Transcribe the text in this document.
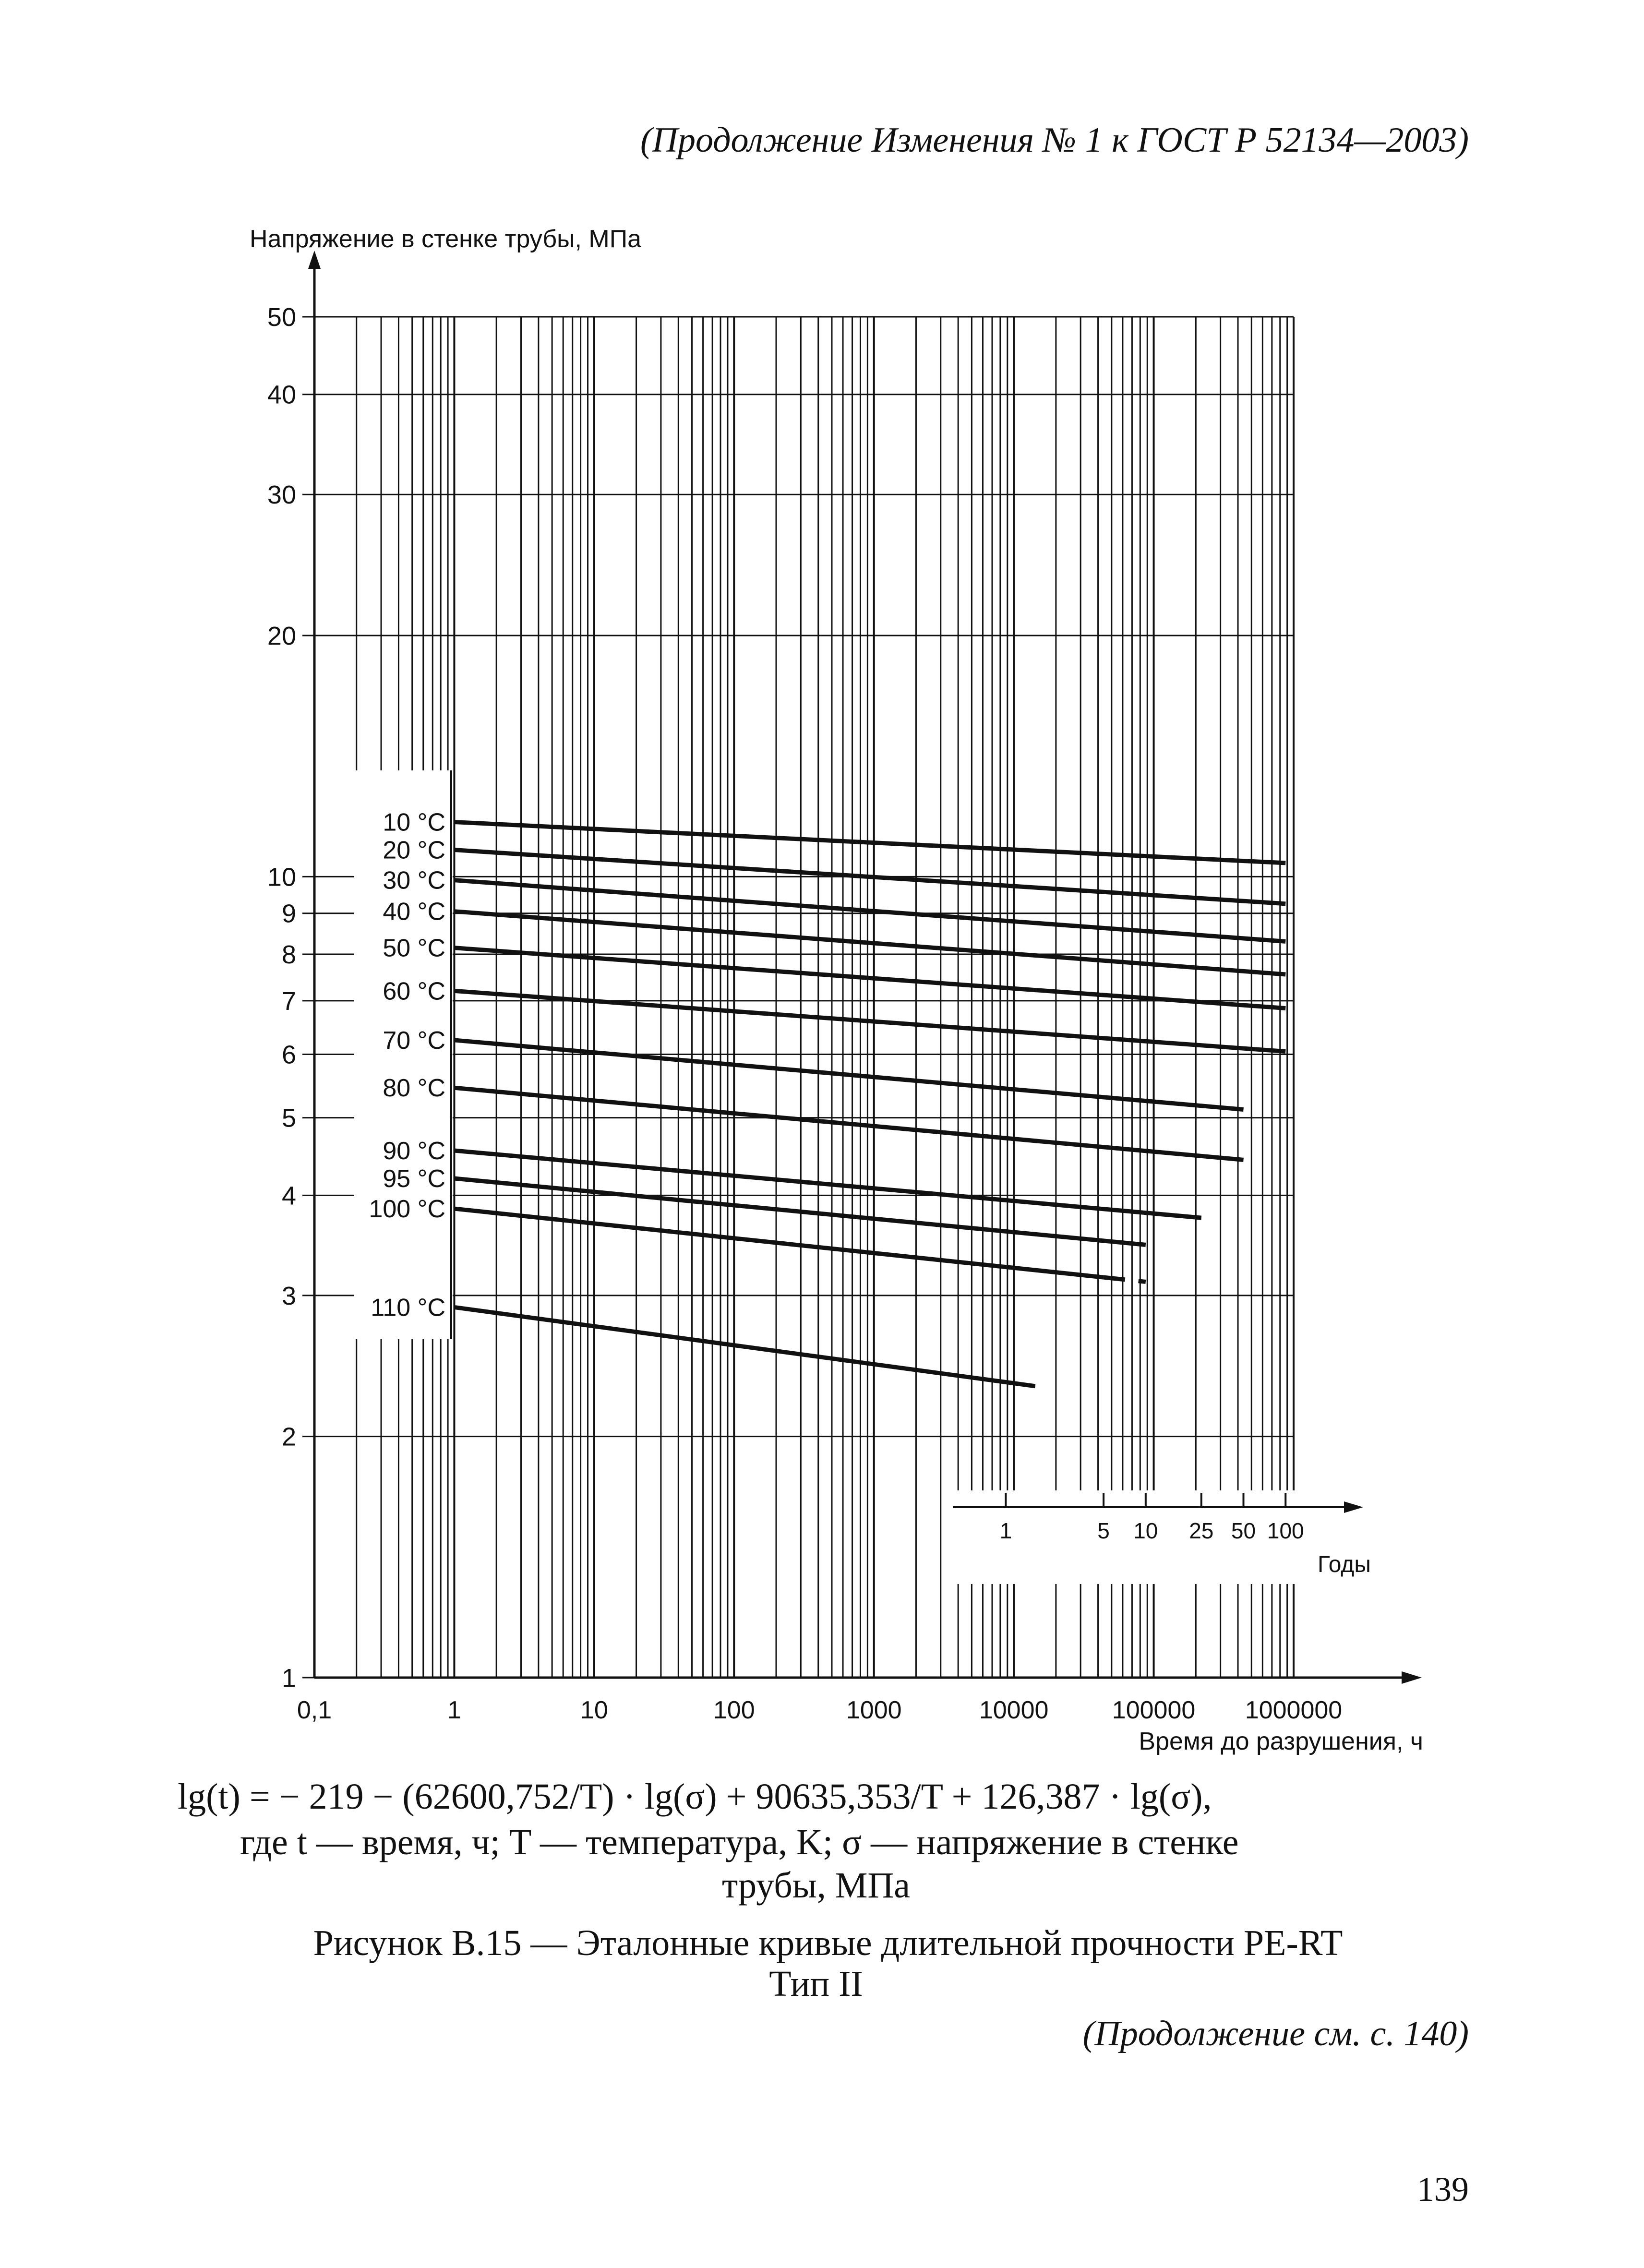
(Продолжение Изменения № 1 к ГОСТ Р 52134—2003)
1
2
3
4
5
6
7
8
9
10
20
30
40
50
0,1	1	10	100	1000	10000	100000 1000000
10 °C
20 °C
30 °C
40 °C
50 °C
60 °C
70 °C
80 °C
90 °C
95 °C
100 °C
110 °C
1	5 10 25 50 100
Годы
Напряжение в стенке трубы, МПа
Время до разрушения, ч
lg(t) = − 219 − (62600,752/T) · lg(σ) + 90635,353/T + 126,387 · lg(σ),
где t — время, ч; T — температура, K; σ — напряжение в стенке
трубы, МПа
Рисунок В.15 — Эталонные кривые длительной прочности PE-RT
Тип II
(Продолжение см. с. 140)
139
